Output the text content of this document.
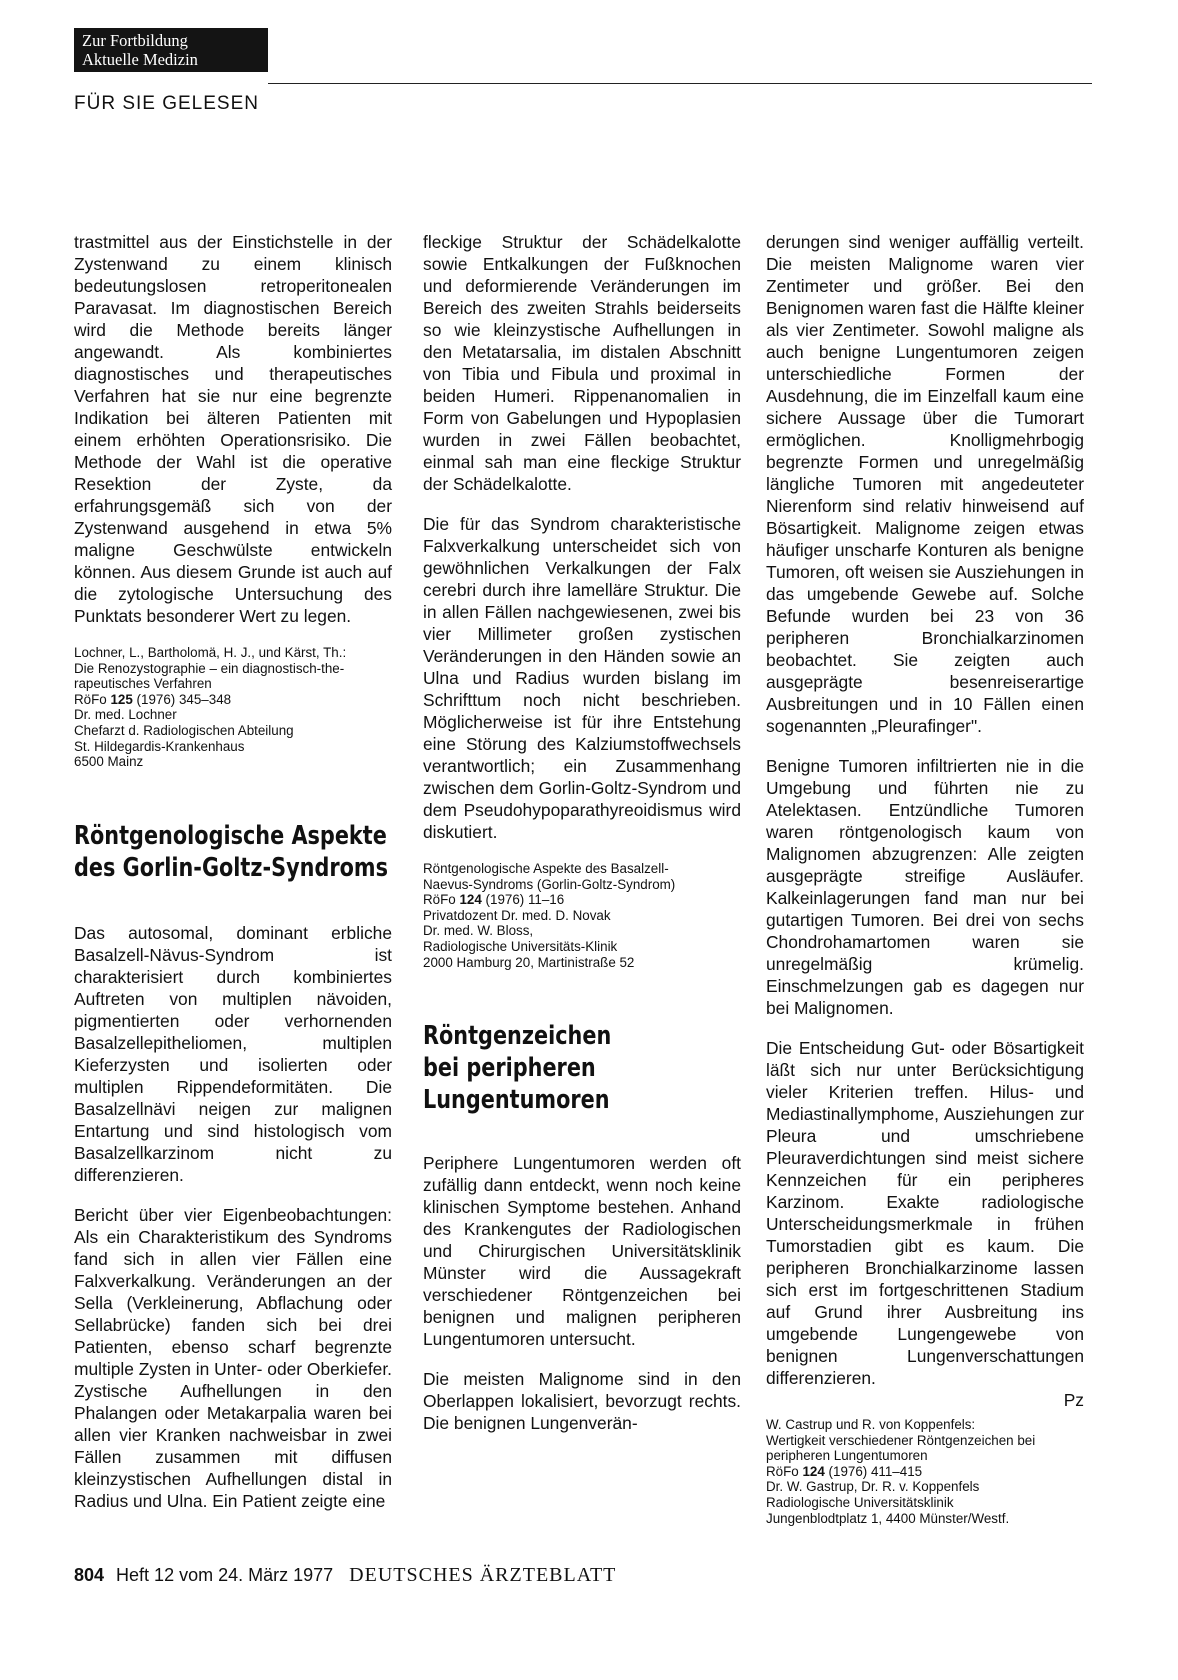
Zur Fortbildung
Aktuelle Medizin
FÜR SIE GELESEN

trastmittel aus der Einstichstelle in der Zystenwand zu einem klinisch bedeutungslosen retroperitonealen Paravasat. Im diagnostischen Bereich wird die Methode bereits länger angewandt. Als kombiniertes diagnostisches und therapeutisches Verfahren hat sie nur eine begrenzte Indikation bei älteren Patienten mit einem erhöhten Operationsrisiko. Die Methode der Wahl ist die operative Resektion der Zyste, da erfahrungsgemäß sich von der Zystenwand ausgehend in etwa 5% maligne Geschwülste entwickeln können. Aus diesem Grunde ist auch auf die zytologische Untersuchung des Punktats besonderer Wert zu legen.

Lochner, L., Bartholomä, H. J., und Kärst, Th.:
Die Renozystographie – ein diagnostisch-the-
rapeutisches Verfahren
RöFo 125 (1976) 345–348
Dr. med. Lochner
Chefarzt d. Radiologischen Abteilung
St. Hildegardis-Krankenhaus
6500 Mainz
Röntgenologische Aspekte
des Gorlin-Goltz-Syndroms

Das autosomal, dominant erbliche Basalzell-Nävus-Syndrom ist charakterisiert durch kombiniertes Auftreten von multiplen nävoiden, pigmentierten oder verhornenden Basalzellepitheliomen, multiplen Kieferzysten und isolierten oder multiplen Rippendeformitäten. Die Basalzellnävi neigen zur malignen Entartung und sind histologisch vom Basalzellkarzinom nicht zu differenzieren.

Bericht über vier Eigenbeobachtungen: Als ein Charakteristikum des Syndroms fand sich in allen vier Fällen eine Falxverkalkung. Veränderungen an der Sella (Verkleinerung, Abflachung oder Sellabrücke) fanden sich bei drei Patienten, ebenso scharf begrenzte multiple Zysten in Unter- oder Oberkiefer. Zystische Aufhellungen in den Phalangen oder Metakarpalia waren bei allen vier Kranken nachweisbar in zwei Fällen zusammen mit diffusen kleinzystischen Aufhellungen distal in Radius und Ulna. Ein Patient zeigte eine

fleckige Struktur der Schädelkalotte sowie Entkalkungen der Fußknochen und deformierende Veränderungen im Bereich des zweiten Strahls beiderseits so wie kleinzystische Aufhellungen in den Metatarsalia, im distalen Abschnitt von Tibia und Fibula und proximal in beiden Humeri. Rippenanomalien in Form von Gabelungen und Hypoplasien wurden in zwei Fällen beobachtet, einmal sah man eine fleckige Struktur der Schädelkalotte.

Die für das Syndrom charakteristische Falxverkalkung unterscheidet sich von gewöhnlichen Verkalkungen der Falx cerebri durch ihre lamelläre Struktur. Die in allen Fällen nachgewiesenen, zwei bis vier Millimeter großen zystischen Veränderungen in den Händen sowie an Ulna und Radius wurden bislang im Schrifttum noch nicht beschrieben. Möglicherweise ist für ihre Entstehung eine Störung des Kalziumstoffwechsels verantwortlich; ein Zusammenhang zwischen dem Gorlin-Goltz-Syndrom und dem Pseudohypoparathyreoidismus wird diskutiert.

Röntgenologische Aspekte des Basalzell-
Naevus-Syndroms (Gorlin-Goltz-Syndrom)
RöFo 124 (1976) 11–16
Privatdozent Dr. med. D. Novak
Dr. med. W. Bloss,
Radiologische Universitäts-Klinik
2000 Hamburg 20, Martinistraße 52
Röntgenzeichen
bei peripheren
Lungentumoren

Periphere Lungentumoren werden oft zufällig dann entdeckt, wenn noch keine klinischen Symptome bestehen. Anhand des Krankengutes der Radiologischen und Chirurgischen Universitätsklinik Münster wird die Aussagekraft verschiedener Röntgenzeichen bei benignen und malignen peripheren Lungentumoren untersucht.

Die meisten Malignome sind in den Oberlappen lokalisiert, bevorzugt rechts. Die benignen Lungenverän-

derungen sind weniger auffällig verteilt. Die meisten Malignome waren vier Zentimeter und größer. Bei den Benignomen waren fast die Hälfte kleiner als vier Zentimeter. Sowohl maligne als auch benigne Lungentumoren zeigen unterschiedliche Formen der Ausdehnung, die im Einzelfall kaum eine sichere Aussage über die Tumorart ermöglichen. Knolligmehrbogig begrenzte Formen und unregelmäßig längliche Tumoren mit angedeuteter Nierenform sind relativ hinweisend auf Bösartigkeit. Malignome zeigen etwas häufiger unscharfe Konturen als benigne Tumoren, oft weisen sie Ausziehungen in das umgebende Gewebe auf. Solche Befunde wurden bei 23 von 36 peripheren Bronchialkarzinomen beobachtet. Sie zeigten auch ausgeprägte besenreiserartige Ausbreitungen und in 10 Fällen einen sogenannten „Pleurafinger".

Benigne Tumoren infiltrierten nie in die Umgebung und führten nie zu Atelektasen. Entzündliche Tumoren waren röntgenologisch kaum von Malignomen abzugrenzen: Alle zeigten ausgeprägte streifige Ausläufer. Kalkeinlagerungen fand man nur bei gutartigen Tumoren. Bei drei von sechs Chondrohamartomen waren sie unregelmäßig krümelig. Einschmelzungen gab es dagegen nur bei Malignomen.

Die Entscheidung Gut- oder Bösartigkeit läßt sich nur unter Berücksichtigung vieler Kriterien treffen. Hilus- und Mediastinallymphome, Ausziehungen zur Pleura und umschriebene Pleuraverdichtungen sind meist sichere Kennzeichen für ein peripheres Karzinom. Exakte radiologische Unterscheidungsmerkmale in frühen Tumorstadien gibt es kaum. Die peripheren Bronchialkarzinome lassen sich erst im fortgeschrittenen Stadium auf Grund ihrer Ausbreitung ins umgebende Lungengewebe von benignen Lungenverschattungen differenzieren.
Pz

W. Castrup und R. von Koppenfels:
Wertigkeit verschiedener Röntgenzeichen bei
peripheren Lungentumoren
RöFo 124 (1976) 411–415
Dr. W. Gastrup, Dr. R. v. Koppenfels
Radiologische Universitätsklinik
Jungenblodtplatz 1, 4400 Münster/Westf.
804 Heft 12 vom 24. März 1977 DEUTSCHES ÄRZTEBLATT
